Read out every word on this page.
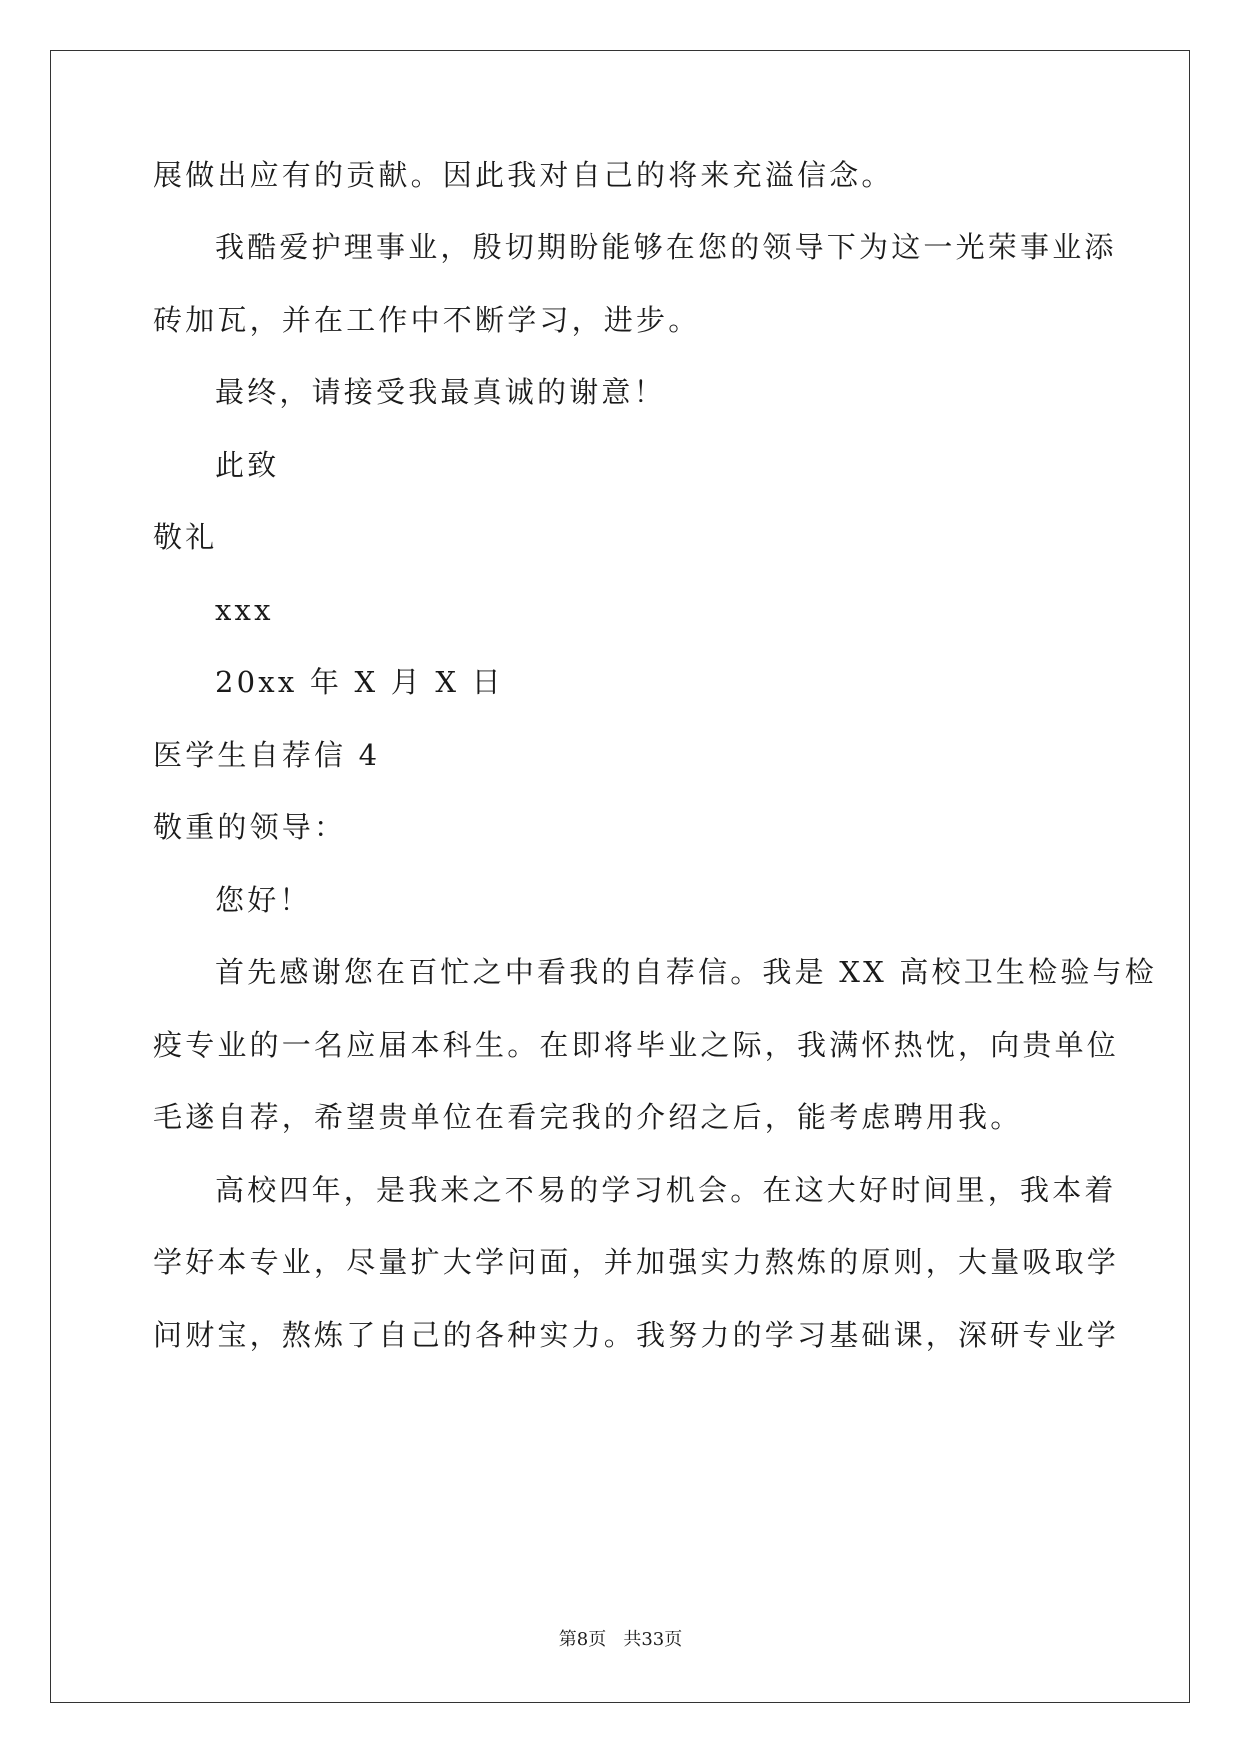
展做出应有的贡献。因此我对自己的将来充溢信念。
我酷爱护理事业，殷切期盼能够在您的领导下为这一光荣事业添
砖加瓦，并在工作中不断学习，进步。
最终，请接受我最真诚的谢意！
此致
敬礼
xxx
20xx 年 X 月 X 日
医学生自荐信 4
敬重的领导：
您好！
首先感谢您在百忙之中看我的自荐信。我是 XX 高校卫生检验与检
疫专业的一名应届本科生。在即将毕业之际，我满怀热忱，向贵单位
毛遂自荐，希望贵单位在看完我的介绍之后，能考虑聘用我。
高校四年，是我来之不易的学习机会。在这大好时间里，我本着
学好本专业，尽量扩大学问面，并加强实力熬炼的原则，大量吸取学
问财宝，熬炼了自己的各种实力。我努力的学习基础课，深研专业学
第8页   共33页
